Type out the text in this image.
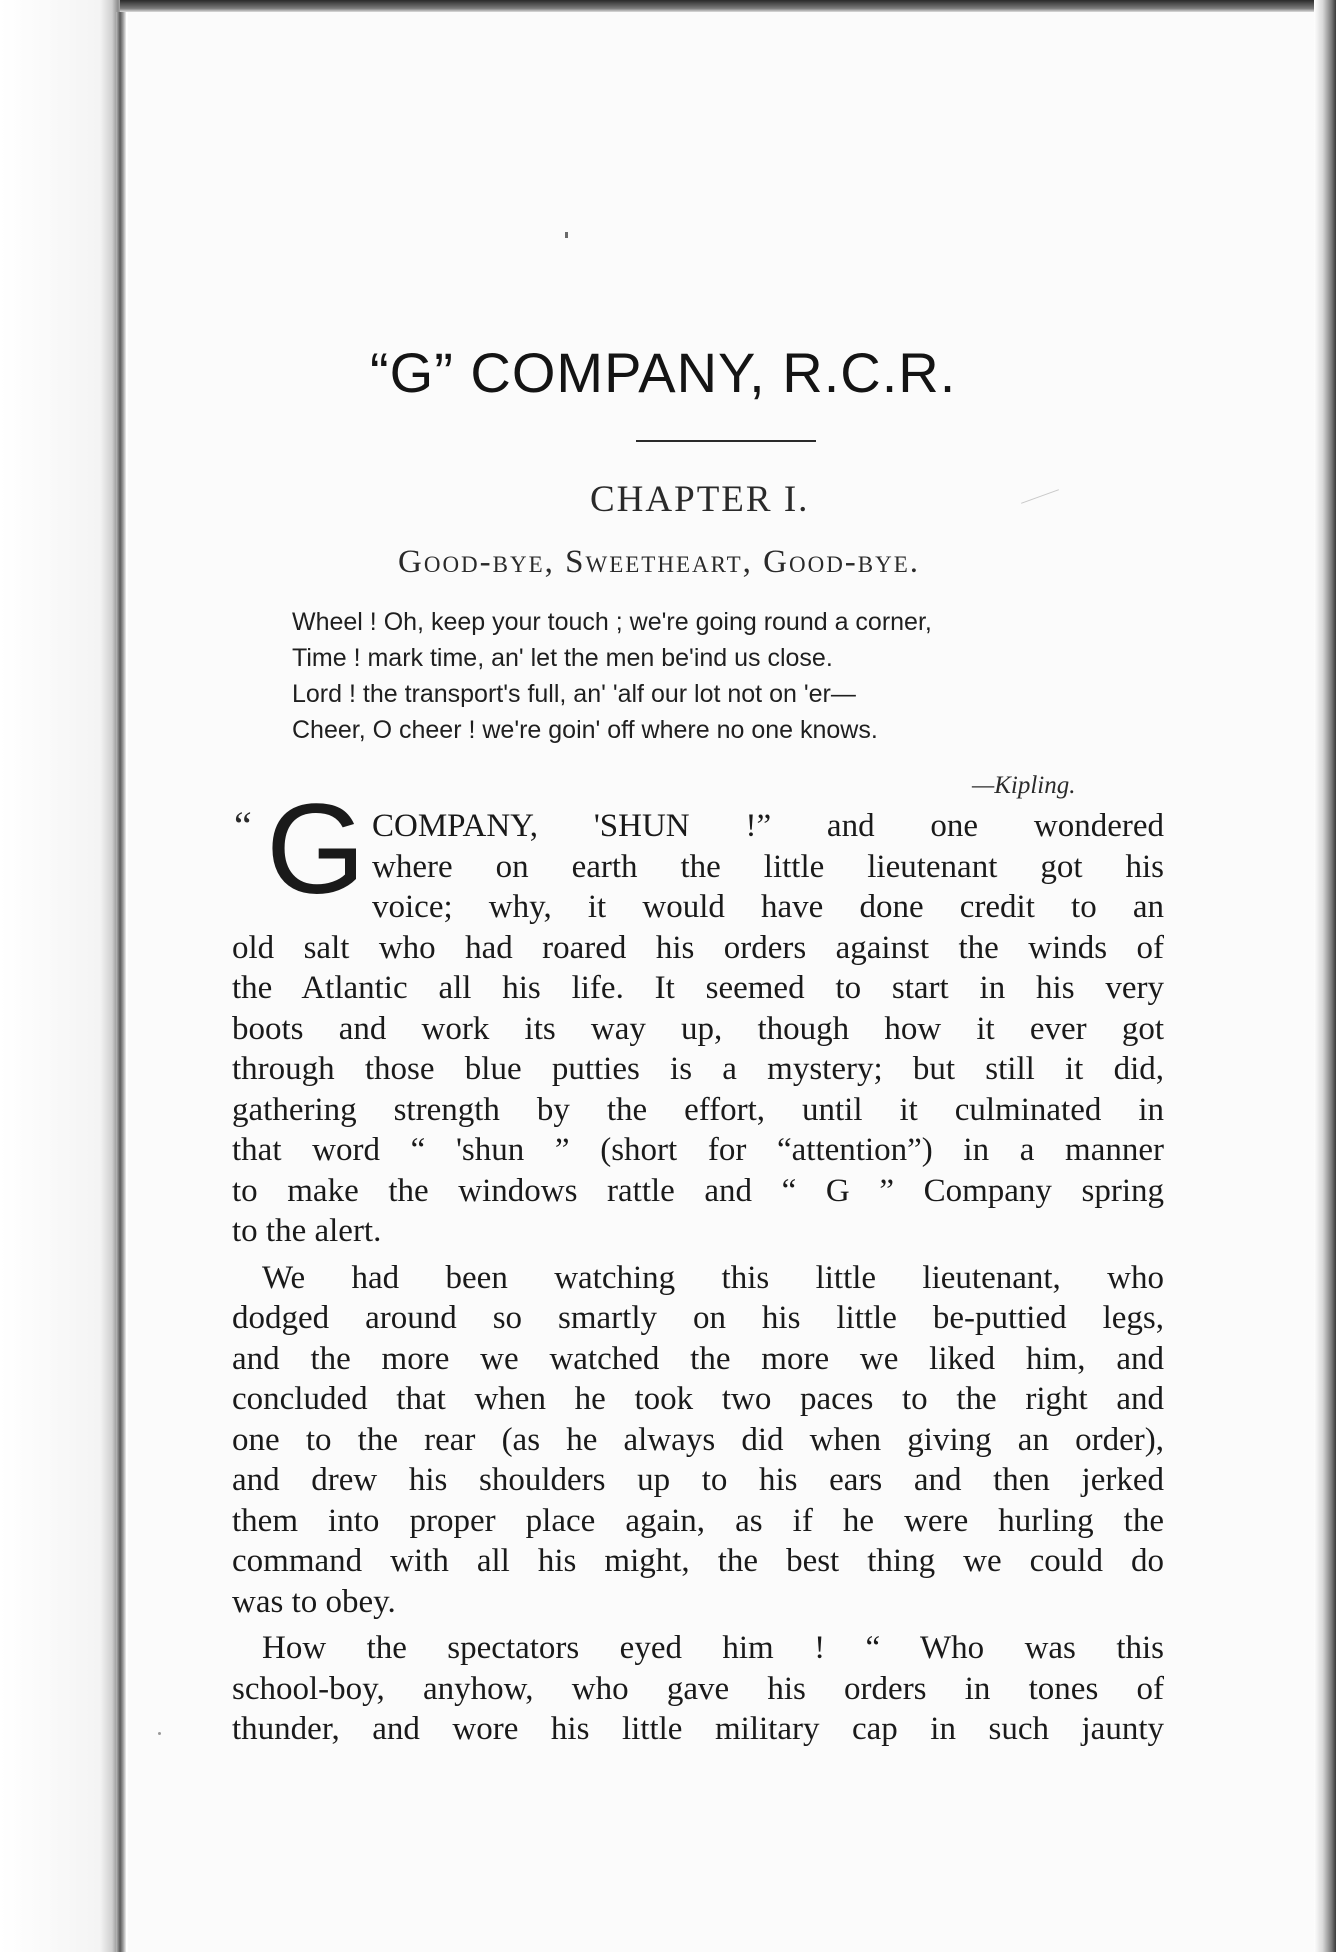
“G” COMPANY, R.C.R.
CHAPTER I.
Good-bye, Sweetheart, Good-bye.
Wheel ! Oh, keep your touch ; we're going round a corner,
Time ! mark time, an' let the men be'ind us close.
Lord ! the transport's full, an' 'alf our lot not on 'er—
Cheer, O cheer ! we're goin' off where no one knows.
—Kipling.
“ G COMPANY, 'SHUN !” and one wondered
where on earth the little lieutenant got his
voice; why, it would have done credit to an
old salt who had roared his orders against the winds of
the Atlantic all his life. It seemed to start in his very
boots and work its way up, though how it ever got
through those blue putties is a mystery; but still it did,
gathering strength by the effort, until it culminated in
that word “ 'shun ” (short for “attention”) in a manner
to make the windows rattle and “ G ” Company spring
to the alert.
We had been watching this little lieutenant, who
dodged around so smartly on his little be-puttied legs,
and the more we watched the more we liked him, and
concluded that when he took two paces to the right and
one to the rear (as he always did when giving an order),
and drew his shoulders up to his ears and then jerked
them into proper place again, as if he were hurling the
command with all his might, the best thing we could do
was to obey.
How the spectators eyed him ! “ Who was this
school-boy, anyhow, who gave his orders in tones of
thunder, and wore his little military cap in such jaunty
